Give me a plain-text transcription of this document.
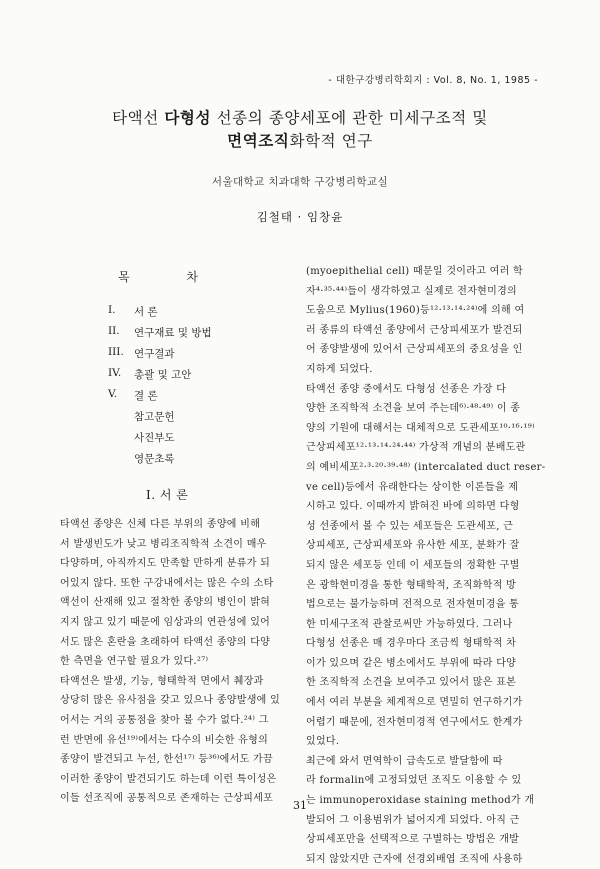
- 대한구강병리학회지 : Vol. 8, No. 1, 1985 -
타액선 다형성 선종의 종양세포에 관한 미세구조적 및
면역조직화학적 연구
서울대학교 치과대학 구강병리학교실
김철태 · 임창윤
목	차
I.	서 론
II.	연구재료 및 방법
III. 연구결과
IV.	총괄 및 고안
V.	결 론
참고문헌
사진부도
영문초록
I. 서 론

타액선 종양은 신체 다른 부위의 종양에 비해

서 발생빈도가 낮고 병리조직학적 소견이 매우

다양하며, 아직까지도 만족할 만하게 분류가 되

어있지 않다. 또한 구강내에서는 많은 수의 소타

액선이 산재해 있고 절착한 종양의 병인이 밝혀

지지 않고 있기 때문에 임상과의 연관성에 있어

서도 많은 혼란을 초래하여 타액선 종양의 다양

한 측면을 연구할 필요가 있다.²⁷⁾

타액선은 발생, 기능, 형태학적 면에서 췌장과

상당히 많은 유사점을 갖고 있으나 종양발생에 있

어서는 거의 공통점을 찾아 볼 수가 없다.²⁴⁾ 그

런 반면에 유선¹⁹⁾에서는 다수의 비슷한 유형의

종양이 발견되고 누선, 한선¹⁷⁾ 등³⁶⁾에서도 가끔

이러한 종양이 발견되기도 하는데 이런 특이성은

이들 선조직에 공통적으로 존재하는 근상피세포

(myoepithelial cell) 때문일 것이라고 여러 학

자⁴·³⁵·⁴⁴⁾들이 생각하였고 실제로 전자현미경의

도움으로 Mylius(1960)등¹²·¹³·¹⁴·²⁴⁾에 의해 여

러 종류의 타액선 종양에서 근상피세포가 발견되

어 종양발생에 있어서 근상피세포의 중요성을 인

지하게 되었다.

타액선 종양 중에서도 다형성 선종은 가장 다

양한 조직학적 소견을 보여 주는데⁶⁾·⁴⁸·⁴⁹⁾ 이 종

양의 기원에 대해서는 대체적으로 도관세포¹⁰·¹⁶·¹⁹⁾

근상피세포¹²·¹³·¹⁴·²⁴·⁴⁴⁾ 가상적 개념의 분배도관

의 예비세포²·³·²⁰·³⁹·⁴⁸⁾ (intercalated duct reser-

ve cell)등에서 유래한다는 상이한 이론들을 제

시하고 있다. 이때까지 밝혀진 바에 의하면 다형

성 선종에서 볼 수 있는 세포들은 도관세포, 근

상피세포, 근상피세포와 유사한 세포, 분화가 잘

되지 않은 세포등 인데 이 세포들의 정확한 구별

은 광학현미경을 통한 형태학적, 조직화학적 방

법으로는 불가능하며 전적으로 전자현미경을 통

한 미세구조적 관찰로써만 가능하였다. 그러나

다형성 선종은 매 경우마다 조금씩 형태학적 차

이가 있으며 같은 병소에서도 부위에 따라 다양

한 조직학적 소견을 보여주고 있어서 많은 표본

에서 여러 부분을 체계적으로 면밀히 연구하기가

어렵기 때문에, 전자현미경적 연구에서도 한계가

있었다.

최근에 와서 면역학이 급속도로 발달함에 따

라 formalin에 고정되었던 조직도 이용할 수 있

는 immunoperoxidase staining method가 개

발되어 그 이용범위가 넓어지게 되었다. 아직 근

상피세포만을 선택적으로 구별하는 방법은 개발

되지 않았지만 근자에 선경외배엽 조직에 사용하

31
